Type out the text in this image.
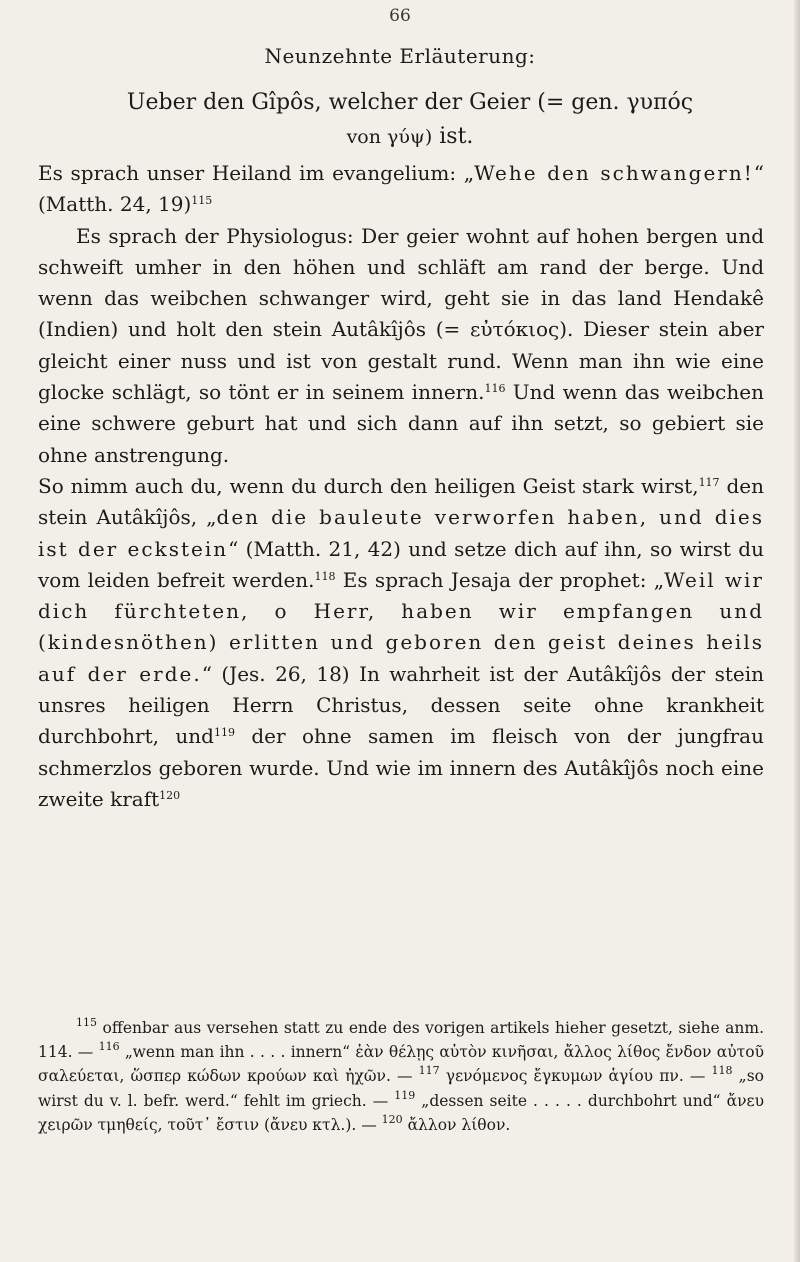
66
Neunzehnte Erläuterung:
Ueber den Gîpôs, welcher der Geier (= gen. γυπός
von γύψ) ist.

Es sprach unser Heiland im evangelium: „Wehe den schwangern!“ (Matth. 24, 19)$^{115}$

Es sprach der Physiologus: Der geier wohnt auf hohen bergen und schweift umher in den höhen und schläft am rand der berge. Und wenn das weibchen schwanger wird, geht sie in das land Hendakê (Indien) und holt den stein Autâkîjôs (= εὐτόκιος). Dieser stein aber gleicht einer nuss und ist von gestalt rund. Wenn man ihn wie eine glocke schlägt, so tönt er in seinem innern.$^{116}$ Und wenn das weibchen eine schwere geburt hat und sich dann auf ihn setzt, so gebiert sie ohne anstrengung.

So nimm auch du, wenn du durch den heiligen Geist stark wirst,$^{117}$ den stein Autâkîjôs, „den die bauleute verworfen haben, und dies ist der eckstein“ (Matth. 21, 42) und setze dich auf ihn, so wirst du vom leiden befreit werden.$^{118}$ Es sprach Jesaja der prophet: „Weil wir dich fürchteten, o Herr, haben wir empfangen und (kindesnöthen) erlitten und geboren den geist deines heils auf der erde.“ (Jes. 26, 18) In wahrheit ist der Autâkîjôs der stein unsres heiligen Herrn Christus, dessen seite ohne krankheit durchbohrt, und$^{119}$ der ohne samen im fleisch von der jungfrau schmerzlos geboren wurde. Und wie im innern des Autâkîjôs noch eine zweite kraft$^{120}$

$^{115}$ offenbar aus versehen statt zu ende des vorigen artikels hieher gesetzt, siehe anm. 114. — $^{116}$ „wenn man ihn . . . . innern“ ἐὰν θέλῃς αὐτὸν κινῆσαι, ἄλλος λίθος ἔνδον αὐτοῦ σαλεύεται, ὥσπερ κώδων κρούων καὶ ἠχῶν. — $^{117}$ γενόμενος ἔγκυμων ἁγίου πν. — $^{118}$ „so wirst du v. l. befr. werd.“ fehlt im griech. — $^{119}$ „dessen seite . . . . . durchbohrt und“ ἄνευ χειρῶν τμηθείς, τοῦτ᾽ ἔστιν (ἄνευ κτλ.). — $^{120}$ ἄλλον λίθον.
